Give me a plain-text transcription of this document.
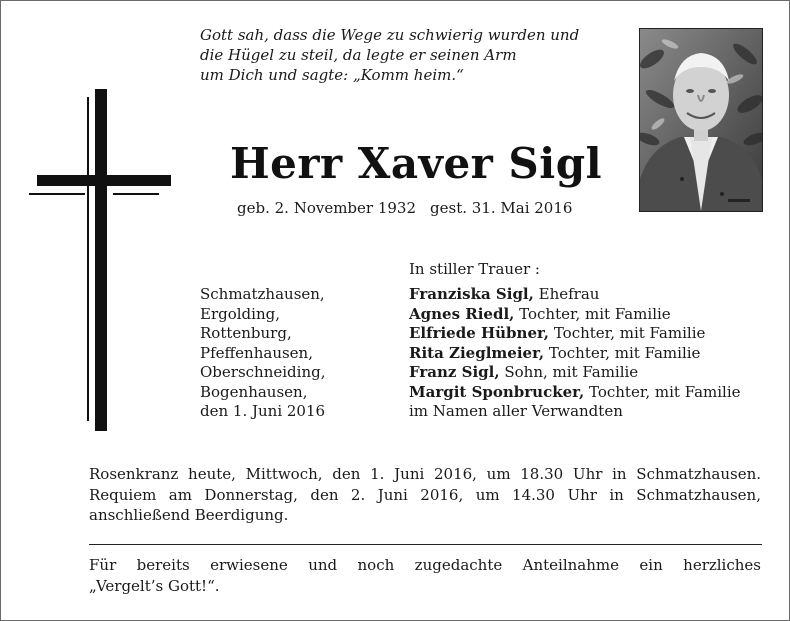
Gott sah, dass die Wege zu schwierig wurden und
die Hügel zu steil, da legte er seinen Arm
um Dich und sagte: „Komm heim.“
Herr Xaver Sigl
geb. 2. November 1932 gest. 31. Mai 2016
In stiller Trauer :
Schmatzhausen,
Ergolding,
Rottenburg,
Pfeffenhausen,
Oberschneiding,
Bogenhausen,
den 1. Juni 2016
Franziska Sigl, Ehefrau
Agnes Riedl, Tochter, mit Familie
Elfriede Hübner, Tochter, mit Familie
Rita Zieglmeier, Tochter, mit Familie
Franz Sigl, Sohn, mit Familie
Margit Sponbrucker, Tochter, mit Familie
im Namen aller Verwandten
Rosenkranz heute, Mittwoch, den 1. Juni 2016, um 18.30 Uhr in Schmatzhausen.
Requiem am Donnerstag, den 2. Juni 2016, um 14.30 Uhr in Schmatzhausen,
anschließend Beerdigung.
Für bereits erwiesene und noch zugedachte Anteilnahme ein herzliches
„Vergelt’s Gott!“.
